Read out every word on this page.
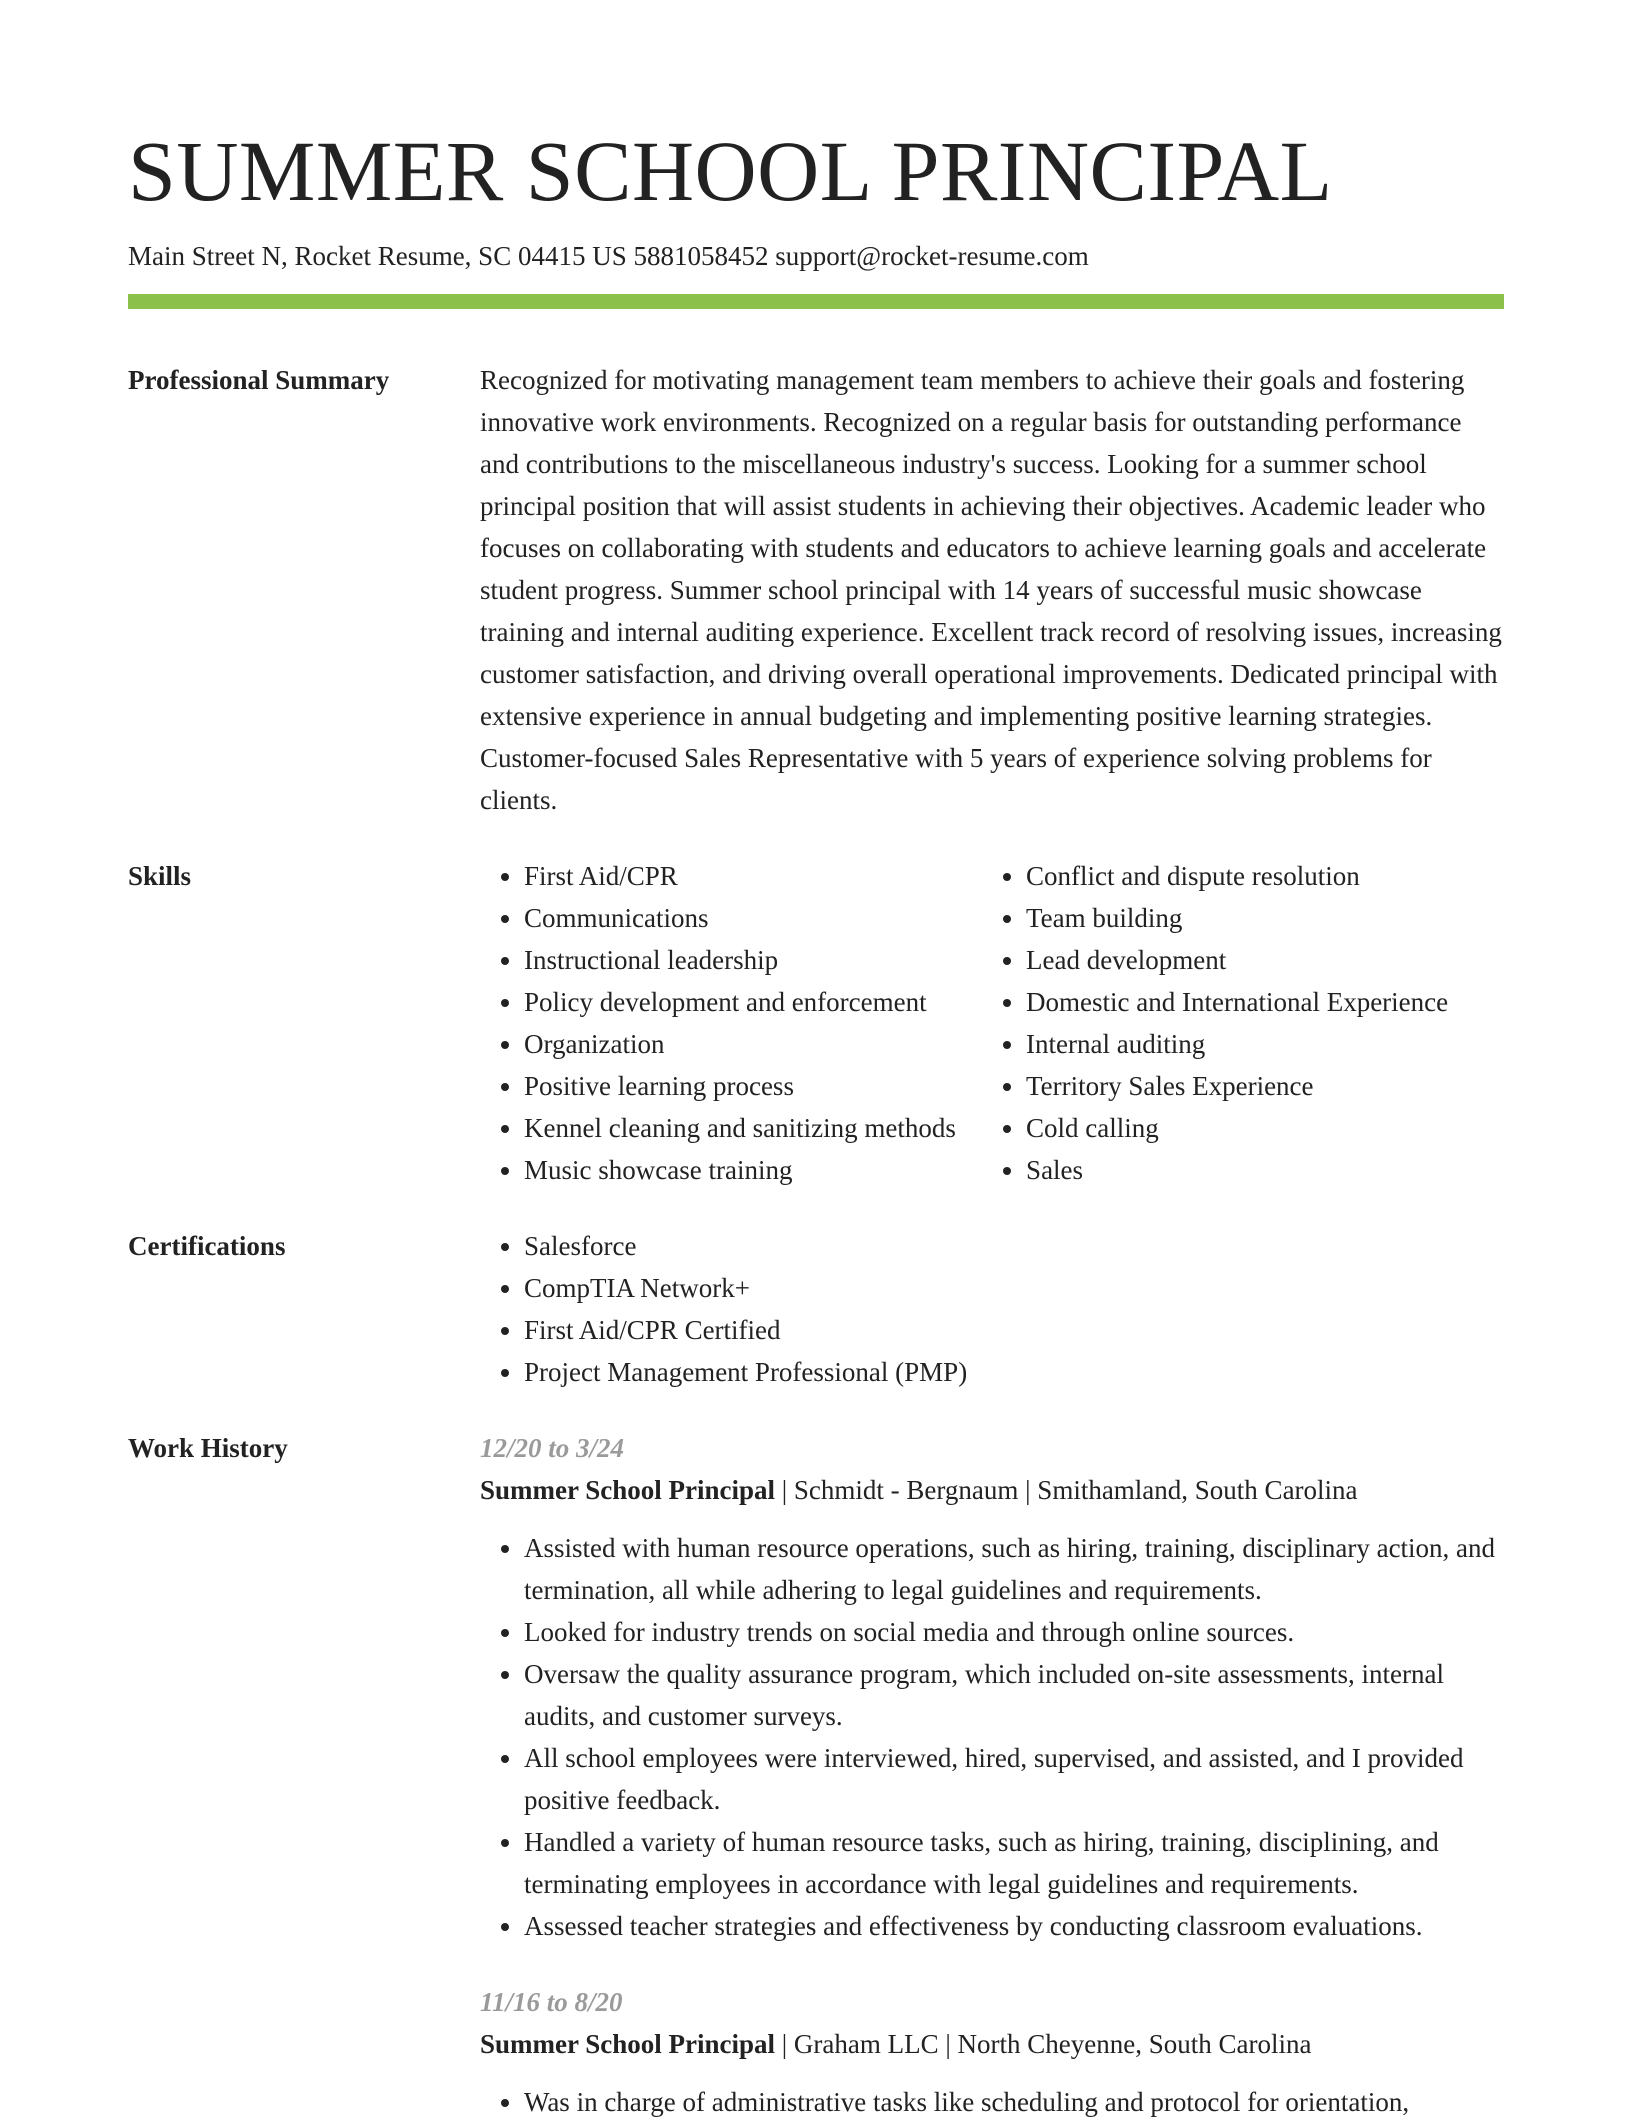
SUMMER SCHOOL PRINCIPAL
Main Street N, Rocket Resume, SC 04415 US 5881058452 support@rocket-resume.com
Professional Summary	Recognized for motivating management team members to achieve their goals and fostering innovative work environments. Recognized on a regular basis for outstanding performance and contributions to the miscellaneous industry's success. Looking for a summer school principal position that will assist students in achieving their objectives. Academic leader who focuses on collaborating with students and educators to achieve learning goals and accelerate student progress. Summer school principal with 14 years of successful music showcase training and internal auditing experience. Excellent track record of resolving issues, increasing customer satisfaction, and driving overall operational improvements. Dedicated principal with extensive experience in annual budgeting and implementing positive learning strategies. Customer-focused Sales Representative with 5 years of experience solving problems for clients.

Skills	• First Aid/CPR
• Communications
• Instructional leadership
• Policy development and enforcement
• Organization
• Positive learning process
• Kennel cleaning and sanitizing methods
• Music showcase training
• Conflict and dispute resolution
• Team building
• Lead development
• Domestic and International Experience
• Internal auditing
• Territory Sales Experience
• Cold calling
• Sales
Certifications	• Salesforce
• CompTIA Network+
• First Aid/CPR Certified
• Project Management Professional (PMP)
Work History	12/20 to 3/24
Summer School Principal | Schmidt - Bergnaum | Smithamland, South Carolina
• Assisted with human resource operations, such as hiring, training, disciplinary action, and termination, all while adhering to legal guidelines and requirements.
• Looked for industry trends on social media and through online sources.
• Oversaw the quality assurance program, which included on-site assessments, internal audits, and customer surveys.
• All school employees were interviewed, hired, supervised, and assisted, and I provided positive feedback.
• Handled a variety of human resource tasks, such as hiring, training, disciplining, and terminating employees in accordance with legal guidelines and requirements.
• Assessed teacher strategies and effectiveness by conducting classroom evaluations.
11/16 to 8/20
Summer School Principal | Graham LLC | North Cheyenne, South Carolina
• Was in charge of administrative tasks like scheduling and protocol for orientation,
